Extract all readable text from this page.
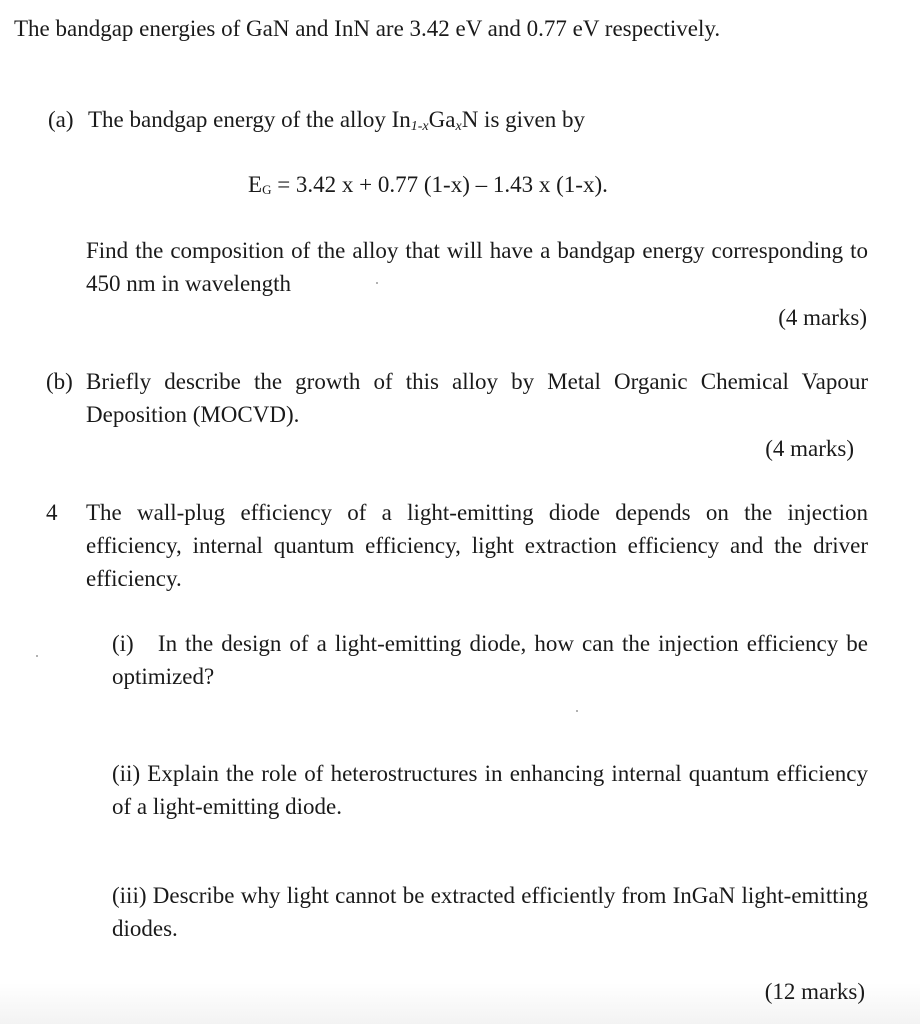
The bandgap energies of GaN and InN are 3.42 eV and 0.77 eV respectively.
(a) The bandgap energy of the alloy $In_{1-x}Ga_xN$ is given by
$E_G = 3.42$ x + 0.77 (1-x) – 1.43 x (1-x).
Find the composition of the alloy that will have a bandgap energy corresponding to 450 nm in wavelength
(4 marks)
(b) Briefly describe the growth of this alloy by Metal Organic Chemical Vapour Deposition (MOCVD).
(4 marks)
4 The wall-plug efficiency of a light-emitting diode depends on the injection efficiency, internal quantum efficiency, light extraction efficiency and the driver efficiency.
(i) In the design of a light-emitting diode, how can the injection efficiency be optimized?
(ii) Explain the role of heterostructures in enhancing internal quantum efficiency of a light-emitting diode.
(iii) Describe why light cannot be extracted efficiently from InGaN light-emitting diodes.
(12 marks)
